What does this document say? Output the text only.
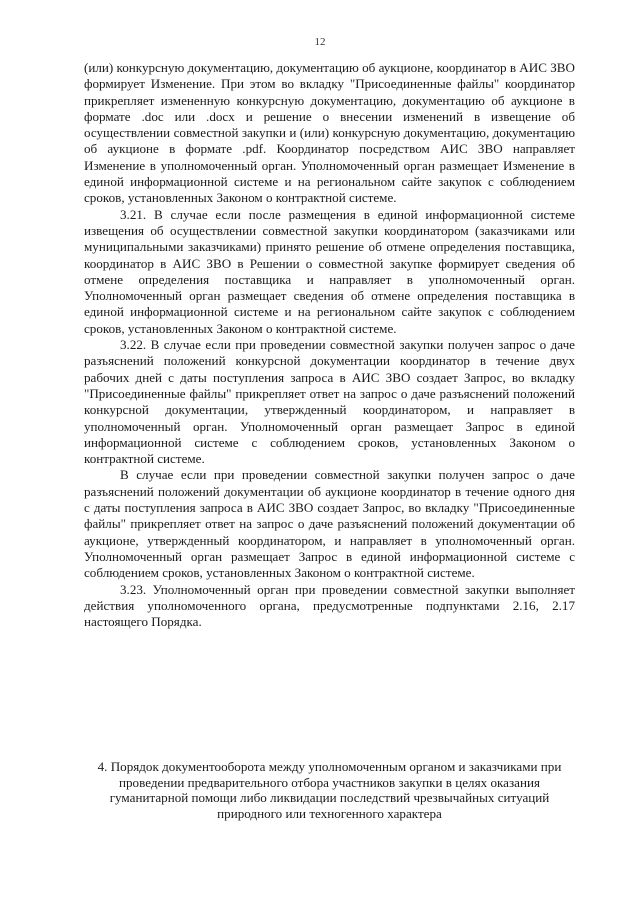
12

(или) конкурсную документацию, документацию об аукционе, координатор в АИС ЗВО формирует Изменение. При этом во вкладку "Присоединенные файлы" координатор прикрепляет измененную конкурсную документацию, документацию об аукционе в формате .doc или .docx и решение о внесении изменений в извещение об осуществлении совместной закупки и (или) конкурсную документацию, документацию об аукционе в формате .pdf. Координатор посредством АИС ЗВО направляет Изменение в уполномоченный орган. Уполномоченный орган размещает Изменение в единой информационной системе и на региональном сайте закупок с соблюдением сроков, установленных Законом о контрактной системе.

3.21. В случае если после размещения в единой информационной системе извещения об осуществлении совместной закупки координатором (заказчиками или муниципальными заказчиками) принято решение об отмене определения поставщика, координатор в АИС ЗВО в Решении о совместной закупке формирует сведения об отмене определения поставщика и направляет в уполномоченный орган. Уполномоченный орган размещает сведения об отмене определения поставщика в единой информационной системе и на региональном сайте закупок с соблюдением сроков, установленных Законом о контрактной системе.

3.22. В случае если при проведении совместной закупки получен запрос о даче разъяснений положений конкурсной документации координатор в течение двух рабочих дней с даты поступления запроса в АИС ЗВО создает Запрос, во вкладку "Присоединенные файлы" прикрепляет ответ на запрос о даче разъяснений положений конкурсной документации, утвержденный координатором, и направляет в уполномоченный орган. Уполномоченный орган размещает Запрос в единой информационной системе с соблюдением сроков, установленных Законом о контрактной системе.

В случае если при проведении совместной закупки получен запрос о даче разъяснений положений документации об аукционе координатор в течение одного дня с даты поступления запроса в АИС ЗВО создает Запрос, во вкладку "Присоединенные файлы" прикрепляет ответ на запрос о даче разъяснений положений документации об аукционе, утвержденный координатором, и направляет в уполномоченный орган. Уполномоченный орган размещает Запрос в единой информационной системе с соблюдением сроков, установленных Законом о контрактной системе.

3.23. Уполномоченный орган при проведении совместной закупки выполняет действия уполномоченного органа, предусмотренные подпунктами 2.16, 2.17 настоящего Порядка.

4. Порядок документооборота между уполномоченным органом и заказчиками при проведении предварительного отбора участников закупки в целях оказания гуманитарной помощи либо ликвидации последствий чрезвычайных ситуаций природного или техногенного характера
